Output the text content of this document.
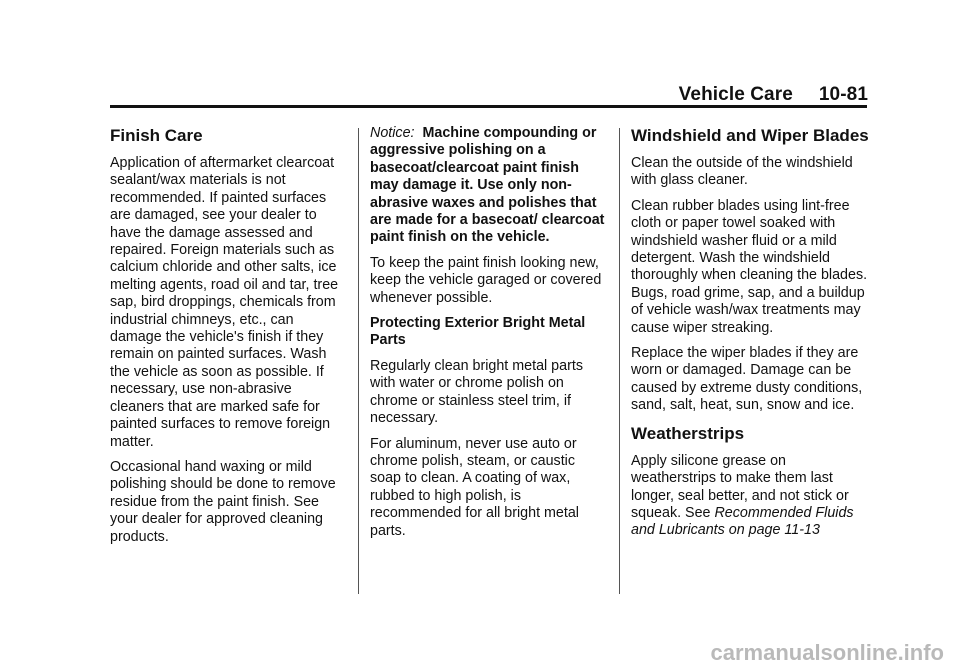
Vehicle Care 10-81
Finish Care

Application of aftermarket clearcoat sealant/wax materials is not recommended. If painted surfaces are damaged, see your dealer to have the damage assessed and repaired. Foreign materials such as calcium chloride and other salts, ice melting agents, road oil and tar, tree sap, bird droppings, chemicals from industrial chimneys, etc., can damage the vehicle's finish if they remain on painted surfaces. Wash the vehicle as soon as possible. If necessary, use non-abrasive cleaners that are marked safe for painted surfaces to remove foreign matter.

Occasional hand waxing or mild polishing should be done to remove residue from the paint finish. See your dealer for approved cleaning products.

Notice: Machine compounding or aggressive polishing on a basecoat/clearcoat paint finish may damage it. Use only non-abrasive waxes and polishes that are made for a basecoat/ clearcoat paint finish on the vehicle.

To keep the paint finish looking new, keep the vehicle garaged or covered whenever possible.

Protecting Exterior Bright Metal Parts

Regularly clean bright metal parts with water or chrome polish on chrome or stainless steel trim, if necessary.

For aluminum, never use auto or chrome polish, steam, or caustic soap to clean. A coating of wax, rubbed to high polish, is recommended for all bright metal parts.

Windshield and Wiper Blades

Clean the outside of the windshield with glass cleaner.

Clean rubber blades using lint-free cloth or paper towel soaked with windshield washer fluid or a mild detergent. Wash the windshield thoroughly when cleaning the blades. Bugs, road grime, sap, and a buildup of vehicle wash/wax treatments may cause wiper streaking.

Replace the wiper blades if they are worn or damaged. Damage can be caused by extreme dusty conditions, sand, salt, heat, sun, snow and ice.

Weatherstrips

Apply silicone grease on weatherstrips to make them last longer, seal better, and not stick or squeak. See Recommended Fluids and Lubricants on page 11-13

carmanualsonline.info
